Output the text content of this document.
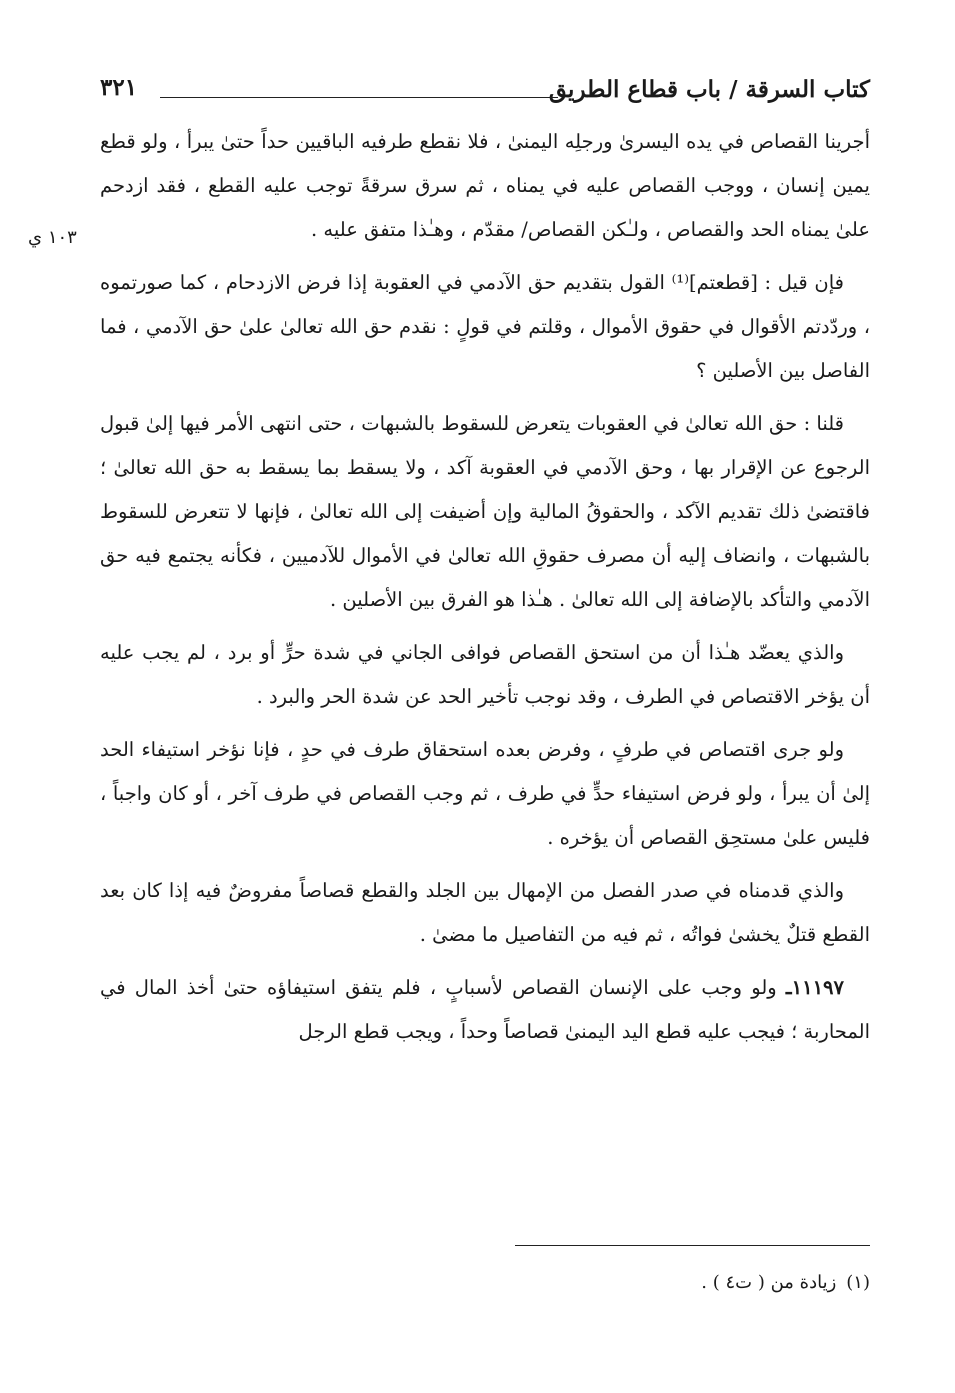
كتاب السرقة / باب قطاع الطريق
٣٢١
١٠٣ ي

أجرينا القصاص في يده اليسرىٰ ورجلِه اليمنىٰ ، فلا نقطع طرفيه الباقيين حداً حتىٰ يبرأ ، ولو قطع يمين إنسان ، ووجب القصاص عليه في يمناه ، ثم سرق سرقةً توجب عليه القطع ، فقد ازدحم علىٰ يمناه الحد والقصاص ، ولـٰكن القصاص/ مقدّم ، وهـٰذا متفق عليه .

فإن قيل : [قطعتم]⁽¹⁾ القول بتقديم حق الآدمي في العقوبة إذا فرض الازدحام ، كما صورتموه ، وردّدتم الأقوال في حقوق الأموال ، وقلتم في قولٍ : نقدم حق الله تعالىٰ علىٰ حق الآدمي ، فما الفاصل بين الأصلين ؟

قلنا : حق الله تعالىٰ في العقوبات يتعرض للسقوط بالشبهات ، حتى انتهى الأمر فيها إلىٰ قبول الرجوع عن الإقرار بها ، وحق الآدمي في العقوبة آكد ، ولا يسقط بما يسقط به حق الله تعالىٰ ؛ فاقتضىٰ ذلك تقديم الآكد ، والحقوقُ المالية وإن أضيفت إلى الله تعالىٰ ، فإنها لا تتعرض للسقوط بالشبهات ، وانضاف إليه أن مصرف حقوقِ الله تعالىٰ في الأموال للآدميين ، فكأنه يجتمع فيه حق الآدمي والتأكد بالإضافة إلى الله تعالىٰ . هـٰذا هو الفرق بين الأصلين .

والذي يعضّد هـٰذا أن من استحق القصاص فوافى الجاني في شدة حرٍّ أو برد ، لم يجب عليه أن يؤخر الاقتصاص في الطرف ، وقد نوجب تأخير الحد عن شدة الحر والبرد .

ولو جرى اقتصاص في طرفٍ ، وفرض بعده استحقاق طرف في حدٍ ، فإنا نؤخر استيفاء الحد إلىٰ أن يبرأ ، ولو فرض استيفاء حدٍّ في طرف ، ثم وجب القصاص في طرف آخر ، أو كان واجباً ، فليس علىٰ مستحِق القصاص أن يؤخره .

والذي قدمناه في صدر الفصل من الإمهال بين الجلد والقطع قصاصاً مفروضٌ فيه إذا كان بعد القطع قتلٌ يخشىٰ فواتُه ، ثم فيه من التفاصيل ما مضىٰ .

١١١٩٧ـ ولو وجب على الإنسان القصاص لأسبابٍ ، فلم يتفق استيفاؤه حتىٰ أخذ المال في المحاربة ؛ فيجب عليه قطع اليد اليمنىٰ قصاصاً وحداً ، ويجب قطع الرجل

(١)زيادة من ( ت٤ ) .
